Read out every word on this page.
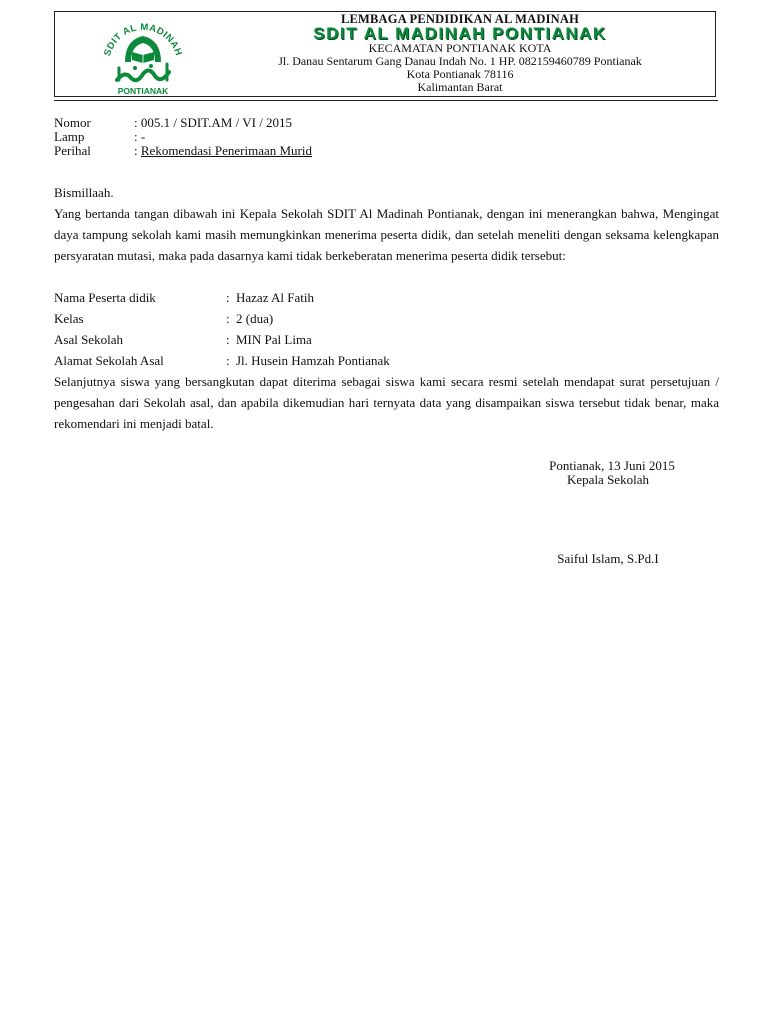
SDIT AL MADINAH
PONTIANAK
LEMBAGA PENDIDIKAN AL MADINAH
SDIT AL MADINAH PONTIANAK
KECAMATAN PONTIANAK KOTA
Jl. Danau Sentarum Gang Danau Indah No. 1 HP. 082159460789 Pontianak
Kota Pontianak 78116
Kalimantan Barat
Nomor	: 005.1 / SDIT.AM / VI / 2015
Lamp	: -
Perihal	: Rekomendasi Penerimaan Murid
Bismillaah.

Yang bertanda tangan dibawah ini Kepala Sekolah SDIT Al Madinah Pontianak, dengan ini menerangkan bahwa, Mengingat daya tampung sekolah kami masih memungkinkan menerima peserta didik, dan setelah meneliti dengan seksama kelengkapan persyaratan mutasi, maka pada dasarnya kami tidak berkeberatan menerima peserta didik tersebut:

Nama Peserta didik	: Hazaz Al Fatih
Kelas	: 2 (dua)
Asal Sekolah	: MIN Pal Lima
Alamat Sekolah Asal	: Jl. Husein Hamzah Pontianak

Selanjutnya siswa yang bersangkutan dapat diterima sebagai siswa kami secara resmi setelah mendapat surat persetujuan / pengesahan dari Sekolah asal, dan apabila dikemudian hari ternyata data yang disampaikan siswa tersebut tidak benar, maka rekomendari ini menjadi batal.

Pontianak, 13 Juni 2015
Kepala Sekolah
Saiful Islam, S.Pd.I
